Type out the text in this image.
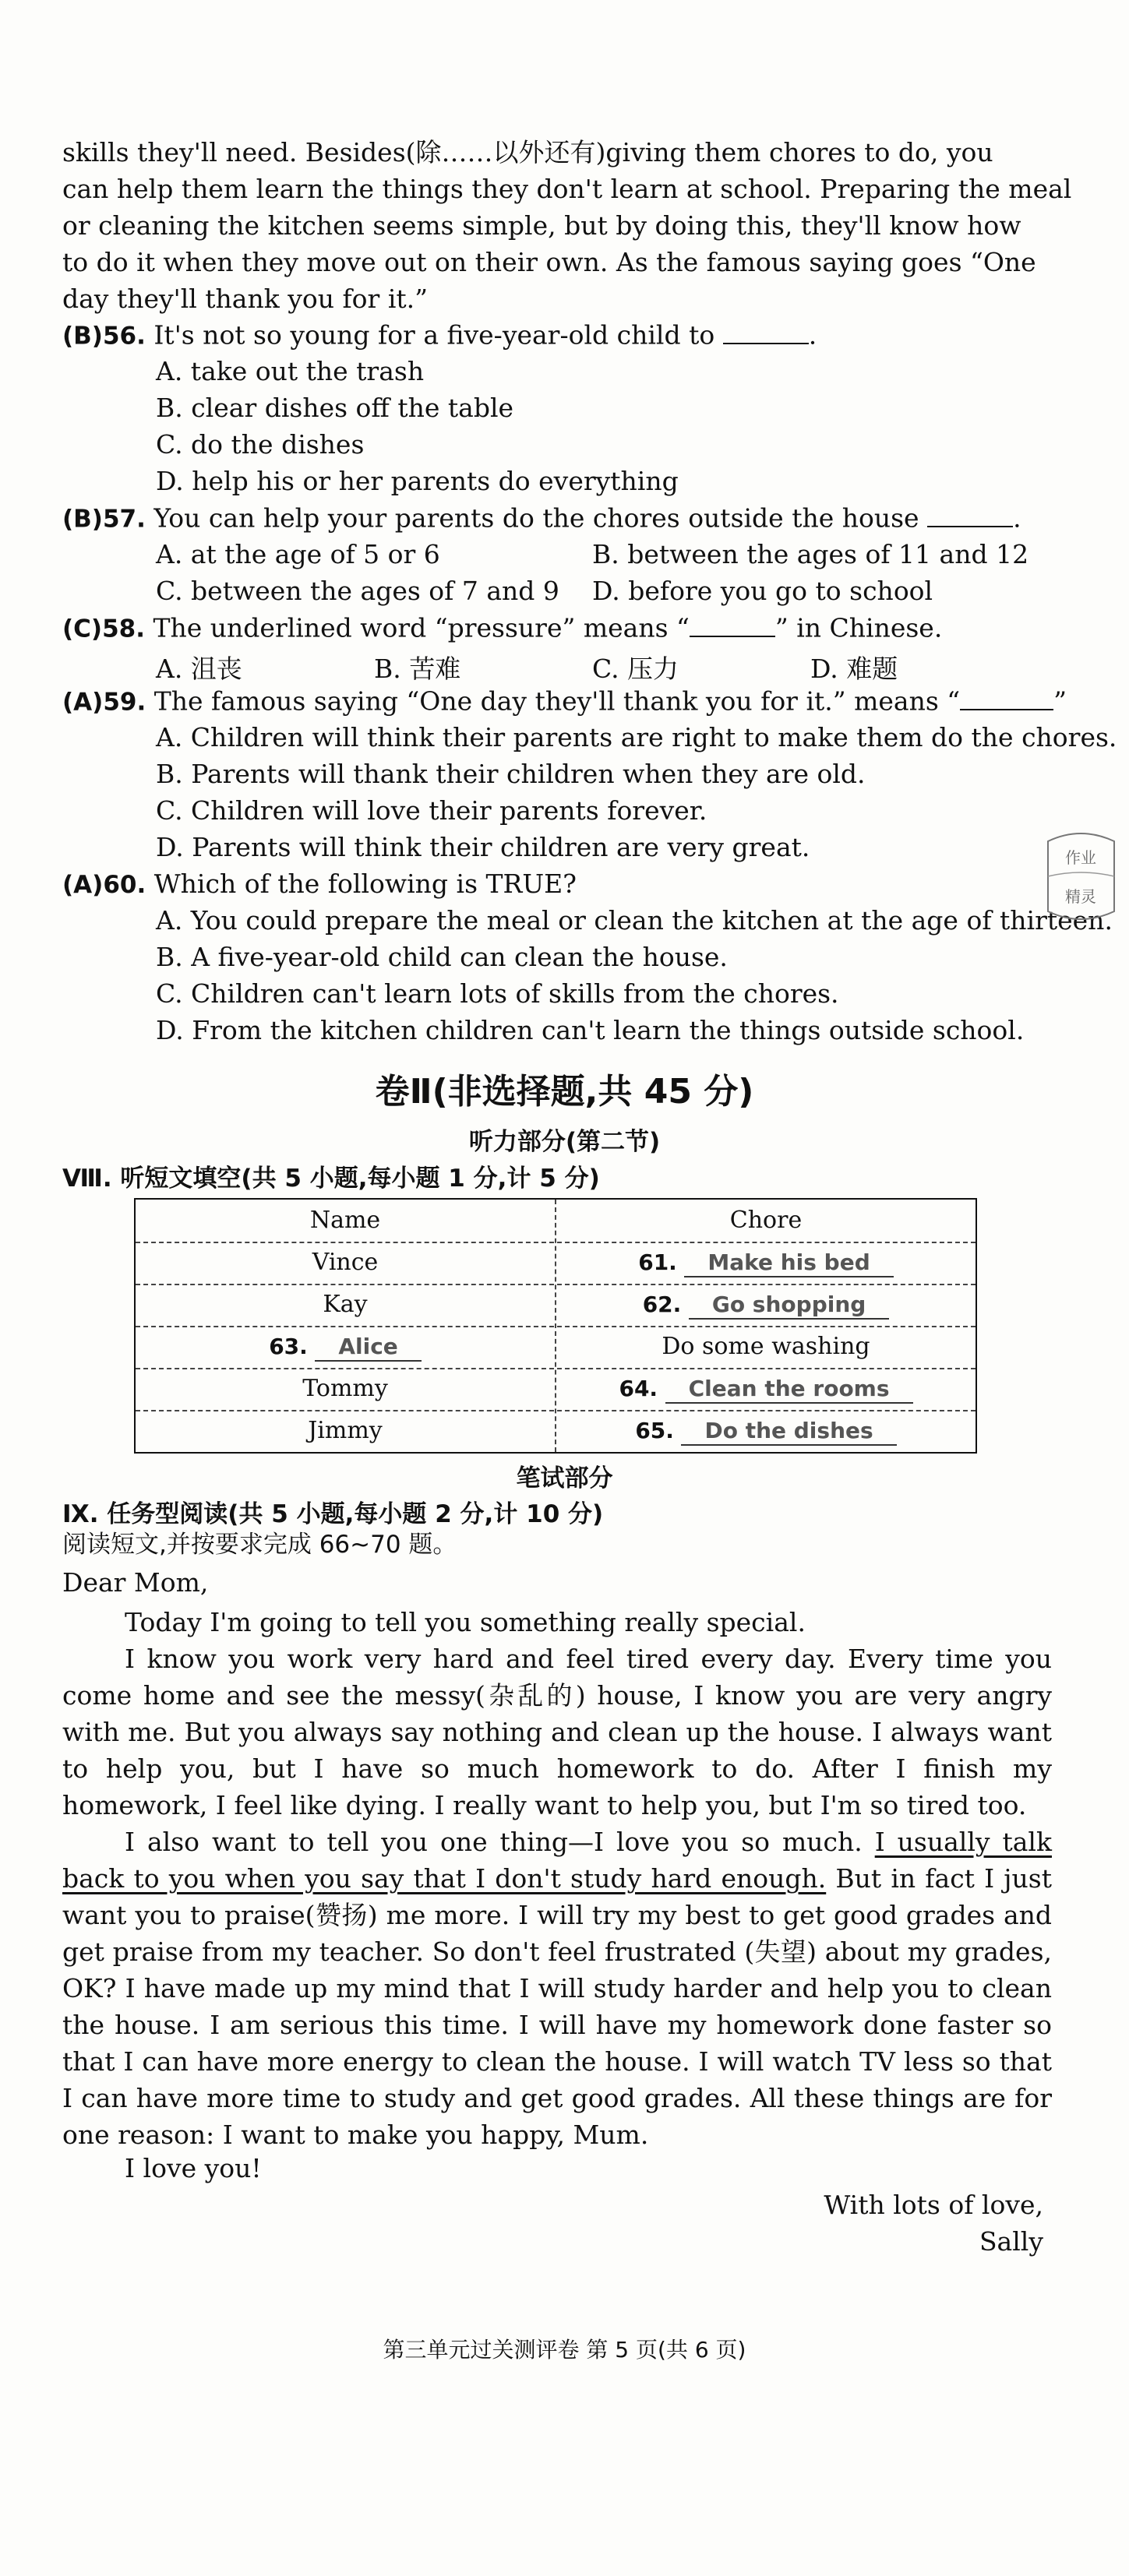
skills they'll need. Besides(除……以外还有)giving them chores to do, you
can help them learn the things they don't learn at school. Preparing the meal
or cleaning the kitchen seems simple, but by doing this, they'll know how
to do it when they move out on their own. As the famous saying goes “One
day they'll thank you for it.”
(B)56. It's not so young for a five-year-old child to	.
A. take out the trash
B. clear dishes off the table
C. do the dishes
D. help his or her parents do everything
(B)57. You can help your parents do the chores outside the house	.
A. at the age of 5 or 6	B. between the ages of 11 and 12
C. between the ages of 7 and 9 D. before you go to school
(C)58. The underlined word “pressure” means “	” in Chinese.
A. 沮丧	B. 苦难	C. 压力	D. 难题
(A)59. The famous saying “One day they'll thank you for it.” means “	”
A. Children will think their parents are right to make them do the chores.
B. Parents will thank their children when they are old.
C. Children will love their parents forever.
D. Parents will think their children are very great.
(A)60. Which of the following is TRUE?
A. You could prepare the meal or clean the kitchen at the age of thirteen.
B. A five-year-old child can clean the house.
C. Children can't learn lots of skills from the chores.
D. From the kitchen children can't learn the things outside school.
作业
精灵
卷Ⅱ(非选择题,共 45 分)
听力部分(第二节)
Ⅷ. 听短文填空(共 5 小题,每小题 1 分,计 5 分)
Name	Chore
Vince	61. Make his bed
Kay	62. Go shopping
63. Alice	Do some washing
Tommy	64. Clean the rooms
Jimmy	65. Do the dishes
笔试部分
Ⅸ. 任务型阅读(共 5 小题,每小题 2 分,计 10 分)
阅读短文,并按要求完成 66~70 题。
Dear Mom,
Today I'm going to tell you something really special.
I know you work very hard and feel tired every day. Every time you come home and see the messy(杂乱的) house, I know you are very angry with me. But you always say nothing and clean up the house. I always want to help you, but I have so much homework to do. After I finish my homework, I feel like dying. I really want to help you, but I'm so tired too.
I also want to tell you one thing—I love you so much. I usually talk back to you when you say that I don't study hard enough. But in fact I just want you to praise(赞扬) me more. I will try my best to get good grades and get praise from my teacher. So don't feel frustrated (失望) about my grades, OK? I have made up my mind that I will study harder and help you to clean the house. I am serious this time. I will have my homework done faster so that I can have more energy to clean the house. I will watch TV less so that I can have more time to study and get good grades. All these things are for one reason: I want to make you happy, Mum.
I love you!
With lots of love,
Sally
第三单元过关测评卷 第 5 页(共 6 页)
